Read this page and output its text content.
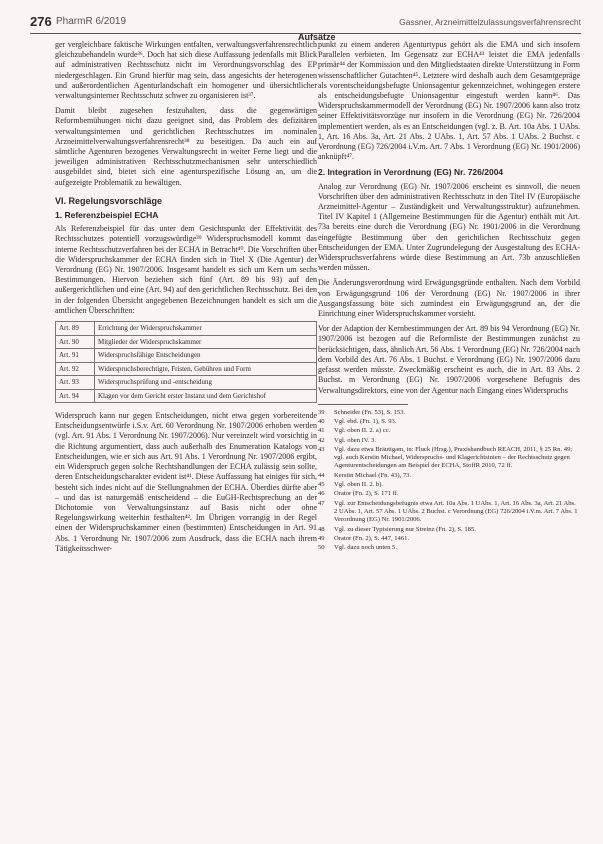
276 PharmR 6/2019	Gassner, Arzneimittelzulassungsverfahrensrecht
Aufsätze

ger vergleichbare faktische Wirkungen entfalten, verwaltungsverfahrensrechtlich gleichzubehandeln wurde³⁶. Doch hat sich diese Auffassung jedenfalls mit Blick auf administrativen Rechtsschutz nicht im Verordnungsvorschlag des EP niedergeschlagen. Ein Grund hierfür mag sein, dass angesichts der heterogenen und außerordentlichen Agenturlandschaft ein homogener und übersichtlicher verwaltungsinterner Rechtsschutz schwer zu organisieren ist³⁷.

Damit bleibt zugesehen festzuhalten, dass die gegenwärtigen Reformbemühungen nicht dazu geeignet sind, das Problem des defizitären verwaltungsinternen und gerichtlichen Rechtsschutzes im nominalen Arzneimittelverwaltungsverfahrensrecht³⁸ zu beseitigen. Da auch ein auf sämtliche Agenturen bezogenes Verwaltungsrecht in weiter Ferne liegt und die jeweiligen administrativen Rechtsschutzmechanismen sehr unterschiedlich ausgebildet sind, bietet sich eine agenturspezifische Lösung an, um die aufgezeigte Problematik zu bewältigen.

VI. Regelungsvorschläge
1. Referenzbeispiel ECHA

Als Referenzbeispiel für das unter dem Gesichtspunkt der Effektivität des Rechtsschutzes potentiell vorzugswürdige³⁹ Widerspruchsmodell kommt das interne Rechtsschutzverfahren bei der ECHA in Betracht⁴⁰. Die Vorschriften über die Widerspruchskammer der ECHA finden sich in Titel X (Die Agentur) der Verordnung (EG) Nr. 1907/2006. Insgesamt handelt es sich um Kern um sechs Bestimmungen. Hiervon beziehen sich fünf (Art. 89 bis 93) auf den außergerichtlichen und eine (Art. 94) auf den gerichtlichen Rechtsschutz. Bei den in der folgenden Übersicht angegebenen Bezeichnungen handelt es sich um die amtlichen Überschriften:

Art. 89	Errichtung der Widerspruchskammer
Art. 90	Mitglieder der Widerspruchskammer
Art. 91	Widerspruchsfähige Entscheidungen
Art. 92	Widerspruchsberechtigte, Fristen, Gebühren und Form
Art. 93	Widerspruchsprüfung und -entscheidung
Art. 94	Klagen vor dem Gericht erster Instanz und dem Gerichtshof

Widerspruch kann nur gegen Entscheidungen, nicht etwa gegen vorbereitende Entscheidungsentwürfe i.S.v. Art. 60 Verordnung Nr. 1907/2006 erhoben werden (vgl. Art. 91 Abs. 1 Verordnung Nr. 1907/2006). Nur vereinzelt wird vorsichtig in die Richtung argumentiert, dass auch außerhalb des Enumeration Katalogs von Entscheidungen, wie er sich aus Art. 91 Abs. 1 Verordnung Nr. 1907/2006 ergibt, ein Widerspruch gegen solche Rechtshandlungen der ECHA zulässig sein sollte, deren Entscheidungscharakter evident ist⁴¹. Diese Auffassung hat einiges für sich, besteht sich indes nicht auf die Stellungnahmen der ECHA. Überdies dürfte aber – und das ist naturgemäß entscheidend – die EuGH-Rechtsprechung an der Dichotomie von Verwaltungsinstanz auf Basis nicht oder ohne Regelungswirkung weiterhin festhalten⁴². Im Übrigen vorrangig in der Regel einen der Widerspruchskammer einen (bestimmten) Entscheidungen in Art. 91 Abs. 1 Verordnung Nr. 1907/2006 zum Ausdruck, dass die ECHA nach ihrem Tätigkeitsschwer-

punkt zu einem anderen Agenturtypus gehört als die EMA und sich insofern Parallelen verbieten. Im Gegensatz zur ECHA⁴³ leistet die EMA jedenfalls primär⁴⁴ der Kommission und den Mitgliedstaaten direkte Unterstützung in Form wissenschaftlicher Gutachten⁴⁵. Letztere wird deshalb auch dem Gesamtgepräge als vorentscheidungsbefugte Unionsagentur gekennzeichnet, wohingegen erstere als entscheidungsbefugte Unionsagentur eingestuft werden kann⁴⁶. Das Widerspruchskammermodell der Verordnung (EG) Nr. 1907/2006 kann also trotz seiner Effektivitätsvorzüge nur insofern in die Verordnung (EG) Nr. 726/2004 implementiert werden, als es an Entscheidungen (vgl. z. B. Art. 10a Abs. 1 UAbs. 1, Art. 16 Abs. 3a, Art. 21 Abs. 2 UAbs. 1, Art. 57 Abs. 1 UAbs. 2 Buchst. c Verordnung (EG) 726/2004 i.V.m. Art. 7 Abs. 1 Verordnung (EG) Nr. 1901/2006) anknüpft⁴⁷.

2. Integration in Verordnung (EG) Nr. 726/2004

Analog zur Verordnung (EG) Nr. 1907/2006 erscheint es sinnvoll, die neuen Vorschriften über den administrativen Rechtsschutz in den Titel IV (Europäische Arzneimittel-Agentur – Zuständigkeit und Verwaltungsstruktur) aufzunehmen. Titel IV Kapitel 1 (Allgemeine Bestimmungen für die Agentur) enthält mit Art. 73a bereits eine durch die Verordnung (EG) Nr. 1901/2006 in die Verordnung eingefügte Bestimmung über den gerichtlichen Rechtsschutz gegen Entscheidungen der EMA. Unter Zugrundelegung der Ausgestaltung des ECHA-Widerspruchsverfahrens würde diese Bestimmung an Art. 73b anzuschließen werden müssen.

Die Änderungsverordnung wird Erwägungsgründe enthalten. Nach dem Vorbild von Erwägungsgrund 106 der Verordnung (EG) Nr. 1907/2006 in ihrer Ausgangsfassung böte sich zumindest ein Erwägungsgrund an, der die Einrichtung einer Widerspruchskammer vorsieht.

Vor der Adaption der Kernbestimmungen der Art. 89 bis 94 Verordnung (EG) Nr. 1907/2006 ist bezogen auf die Reformliste der Bestimmungen zunächst zu berücksichtigen, dass, ähnlich Art. 56 Abs. 1 Verordnung (EG) Nr. 726/2004 nach dem Vorbild des Art. 76 Abs. 1 Buchst. e Verordnung (EG) Nr. 1907/2006 dazu gefasst werden müsste. Zweckmäßig erscheint es auch, die in Art. 83 Abs. 2 Buchst. m Verordnung (EG) Nr. 1907/2006 vorgesehene Befugnis des Verwaltungsdirektors, eine von der Agentur nach Eingang eines Widerspruchs

39	Schneider (Fn. 53), S. 153.
40	Vgl. ebd. (Fn. 1), S. 93.
41	Vgl. oben II. 2. a) cc.
42	Vgl. oben IV. 3.
43	Vgl. dazu etwa Bräutigam, in: Fluck (Hrsg.), Praxishandbuch REACH, 2011, § 25 Rn. 49; vgl. auch Kerstin Michael, Widerspruchs- und Klagerichtsinien – der Rechtsschutz gegen Agenturentscheidungen am Beispiel der ECHA, StoffR 2010, 72 ff.
44	Kerstin Michael (Fn. 43), 73.
45	Vgl. oben II. 2. b).
46	Orator (Fn. 2), S. 171 ff.
47	Vgl. zur Entscheidungsbefugnis etwa Art. 10a Abs. 1 UAbs. 1, Art. 16 Abs. 3a, Art. 21 Abs. 2 UAbs. 1, Art. 57 Abs. 1 UAbs. 2 Buchst. c Verordnung (EG) 726/2004 i.V.m. Art. 7 Abs. 1 Verordnung (EG) Nr. 1901/2006.
48	Vgl. zu dieser Typisierung nur Streinz (Fn. 2), S. 185.
49	Orator (Fn. 2), S. 447, 1461.
50	Vgl. dazu noch unten 5.
